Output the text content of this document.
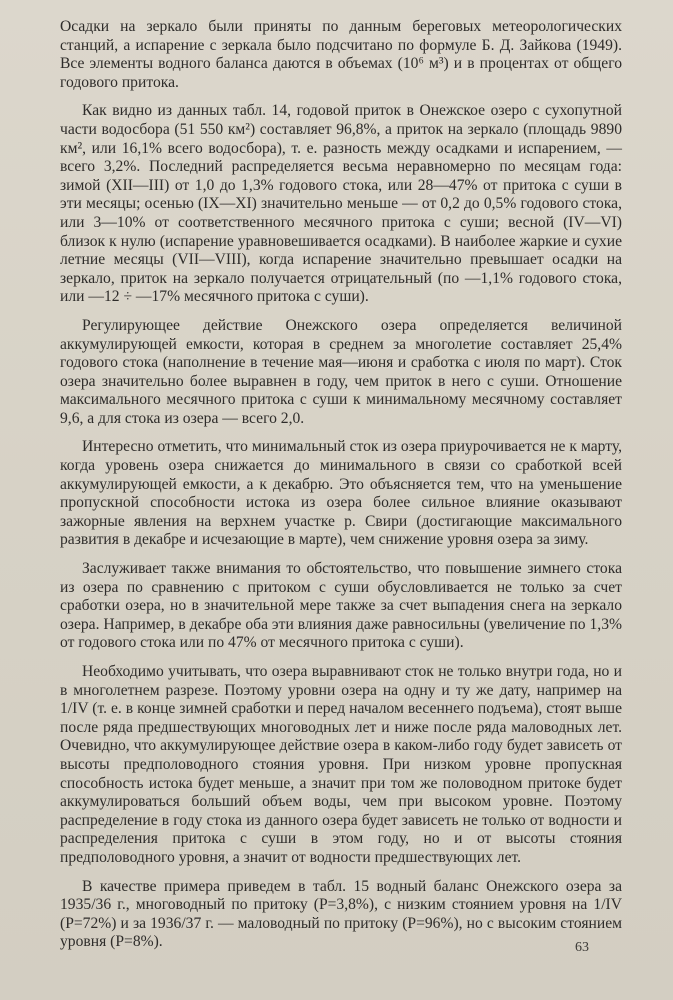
Осадки на зеркало были приняты по данным береговых метеорологических станций, а испарение с зеркала было подсчитано по формуле Б. Д. Зайкова (1949). Все элементы водного баланса даются в объемах (10⁶ м³) и в процентах от общего годового притока.

Как видно из данных табл. 14, годовой приток в Онежское озеро с сухопутной части водосбора (51 550 км²) составляет 96,8%, а приток на зеркало (площадь 9890 км², или 16,1% всего водосбора), т. е. разность между осадками и испарением, — всего 3,2%. Последний распределяется весьма неравномерно по месяцам года: зимой (XII—III) от 1,0 до 1,3% годового стока, или 28—47% от притока с суши в эти месяцы; осенью (IX—XI) значительно меньше — от 0,2 до 0,5% годового стока, или 3—10% от соответственного месячного притока с суши; весной (IV—VI) близок к нулю (испарение уравновешивается осадками). В наиболее жаркие и сухие летние месяцы (VII—VIII), когда испарение значительно превышает осадки на зеркало, приток на зеркало получается отрицательный (по —1,1% годового стока, или —12 ÷ —17% месячного притока с суши).

Регулирующее действие Онежского озера определяется величиной аккумулирующей емкости, которая в среднем за многолетие составляет 25,4% годового стока (наполнение в течение мая—июня и сработка с июля по март). Сток озера значительно более выравнен в году, чем приток в него с суши. Отношение максимального месячного притока с суши к минимальному месячному составляет 9,6, а для стока из озера — всего 2,0.

Интересно отметить, что минимальный сток из озера приурочивается не к марту, когда уровень озера снижается до минимального в связи со сработкой всей аккумулирующей емкости, а к декабрю. Это объясняется тем, что на уменьшение пропускной способности истока из озера более сильное влияние оказывают зажорные явления на верхнем участке р. Свири (достигающие максимального развития в декабре и исчезающие в марте), чем снижение уровня озера за зиму.

Заслуживает также внимания то обстоятельство, что повышение зимнего стока из озера по сравнению с притоком с суши обусловливается не только за счет сработки озера, но в значительной мере также за счет выпадения снега на зеркало озера. Например, в декабре оба эти влияния даже равносильны (увеличение по 1,3% от годового стока или по 47% от месячного притока с суши).

Необходимо учитывать, что озера выравнивают сток не только внутри года, но и в многолетнем разрезе. Поэтому уровни озера на одну и ту же дату, например на 1/IV (т. е. в конце зимней сработки и перед началом весеннего подъема), стоят выше после ряда предшествующих многоводных лет и ниже после ряда маловодных лет. Очевидно, что аккумулирующее действие озера в каком-либо году будет зависеть от высоты предполоводного стояния уровня. При низком уровне пропускная способность истока будет меньше, а значит при том же половодном притоке будет аккумулироваться больший объем воды, чем при высоком уровне. Поэтому распределение в году стока из данного озера будет зависеть не только от водности и распределения притока с суши в этом году, но и от высоты стояния предполоводного уровня, а значит от водности предшествующих лет.

В качестве примера приведем в табл. 15 водный баланс Онежского озера за 1935/36 г., многоводный по притоку (P=3,8%), с низким стоянием уровня на 1/IV (P=72%) и за 1936/37 г. — маловодный по притоку (P=96%), но с высоким стоянием уровня (P=8%).	63
